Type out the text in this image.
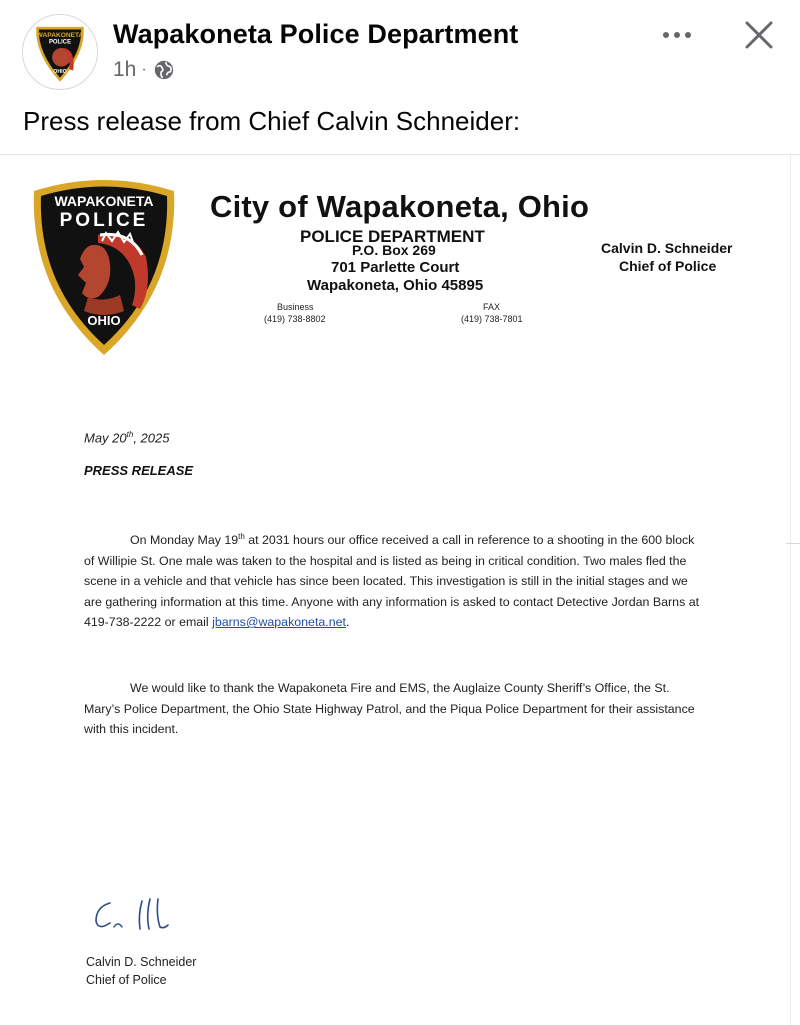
WAPAKONETA
POLICE
OHIO
Wapakoneta Police Department
1h ·
Press release from Chief Calvin Schneider:
WAPAKONETA
POLICE
OHIO
City of Wapakoneta, Ohio
POLICE DEPARTMENT
P.O. Box 269
701 Parlette Court
Wapakoneta, Ohio 45895
Calvin D. Schneider
Chief of Police
Business
(419) 738-8802
FAX
(419) 738-7801
May 20th, 2025
PRESS RELEASE
On Monday May 19th at 2031 hours our office received a call in reference to a shooting in the 600 block of Willipie St. One male was taken to the hospital and is listed as being in critical condition. Two males fled the scene in a vehicle and that vehicle has since been located. This investigation is still in the initial stages and we are gathering information at this time. Anyone with any information is asked to contact Detective Jordan Barns at 419-738-2222 or email jbarns@wapakoneta.net.
We would like to thank the Wapakoneta Fire and EMS, the Auglaize County Sheriff’s Office, the St. Mary’s Police Department, the Ohio State Highway Patrol, and the Piqua Police Department for their assistance with this incident.
Calvin D. Schneider
Chief of Police
